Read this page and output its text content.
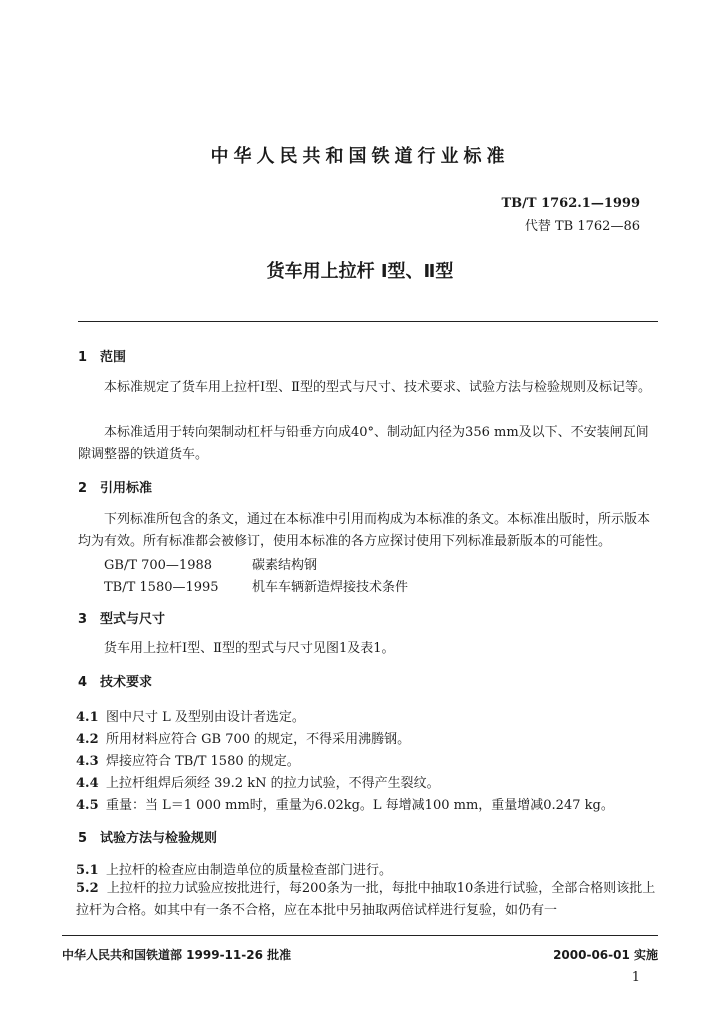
中华人民共和国铁道行业标准
TB/T 1762.1—1999
代替 TB 1762—86
货车用上拉杆 Ⅰ型、Ⅱ型
1 范围
本标准规定了货车用上拉杆Ⅰ型、Ⅱ型的型式与尺寸、技术要求、试验方法与检验规则及标记等。
本标准适用于转向架制动杠杆与铅垂方向成40°、制动缸内径为356 mm及以下、不安装闸瓦间隙调整器的铁道货车。
2 引用标准
下列标准所包含的条文，通过在本标准中引用而构成为本标准的条文。本标准出版时，所示版本均为有效。所有标准都会被修订，使用本标准的各方应探讨使用下列标准最新版本的可能性。
GB/T 700—1988	碳素结构钢
TB/T 1580—1995	机车车辆新造焊接技术条件
3 型式与尺寸
货车用上拉杆Ⅰ型、Ⅱ型的型式与尺寸见图1及表1。
4 技术要求
4.1 图中尺寸 L 及型别由设计者选定。
4.2 所用材料应符合 GB 700 的规定，不得采用沸腾钢。
4.3 焊接应符合 TB/T 1580 的规定。
4.4 上拉杆组焊后须经 39.2 kN 的拉力试验，不得产生裂纹。
4.5 重量：当 L＝1 000 mm时，重量为6.02kg。L 每增减100 mm，重量增减0.247 kg。
5 试验方法与检验规则
5.1 上拉杆的检查应由制造单位的质量检查部门进行。
5.2 上拉杆的拉力试验应按批进行，每200条为一批，每批中抽取10条进行试验，全部合格则该批上拉杆为合格。如其中有一条不合格，应在本批中另抽取两倍试样进行复验，如仍有一
中华人民共和国铁道部 1999-11-26 批准	2000-06-01 实施
1
